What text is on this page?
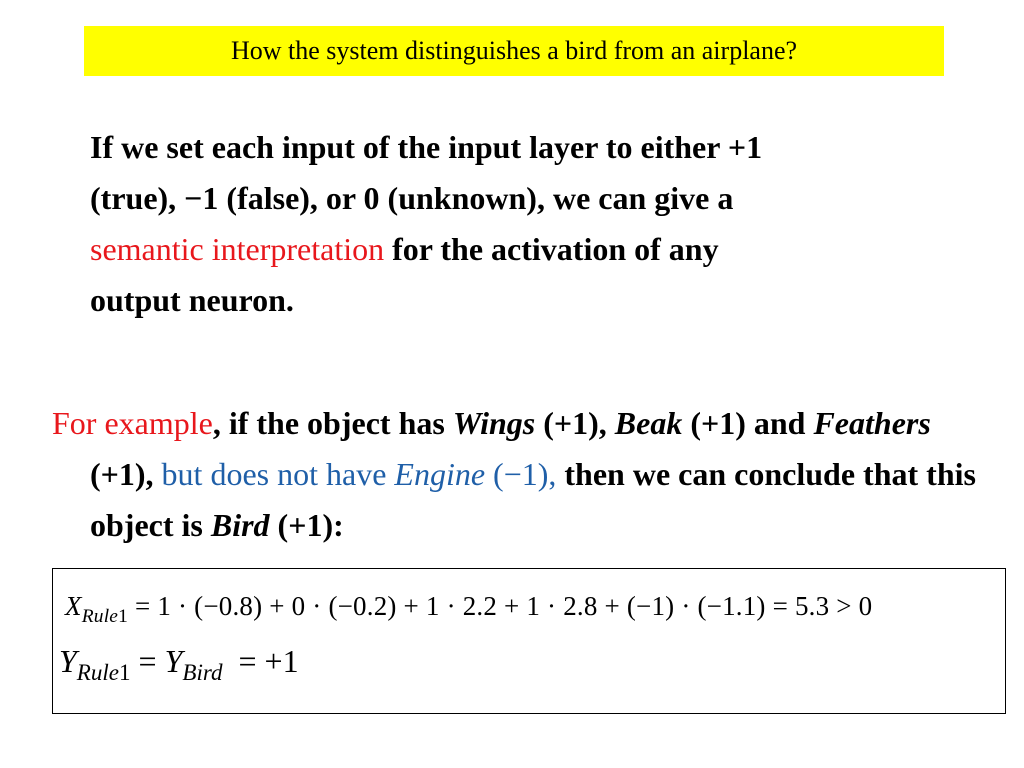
How the system distinguishes a bird from an airplane?
If we set each input of the input layer to either +1
(true), −1 (false), or 0 (unknown), we can give a
semantic interpretation for the activation of any
output neuron.
For example, if the object has Wings (+1), Beak (+1) and Feathers (+1), but does not have Engine (−1), then we can conclude that this object is Bird (+1):
$X_{Rule1} = 1 \cdot (-0.8) + 0 \cdot (-0.2) + 1 \cdot 2.2 + 1 \cdot 2.8 + (-1) \cdot (-1.1) = 5.3 > 0$
$Y_{Rule1} = Y_{Bird} = +1$
